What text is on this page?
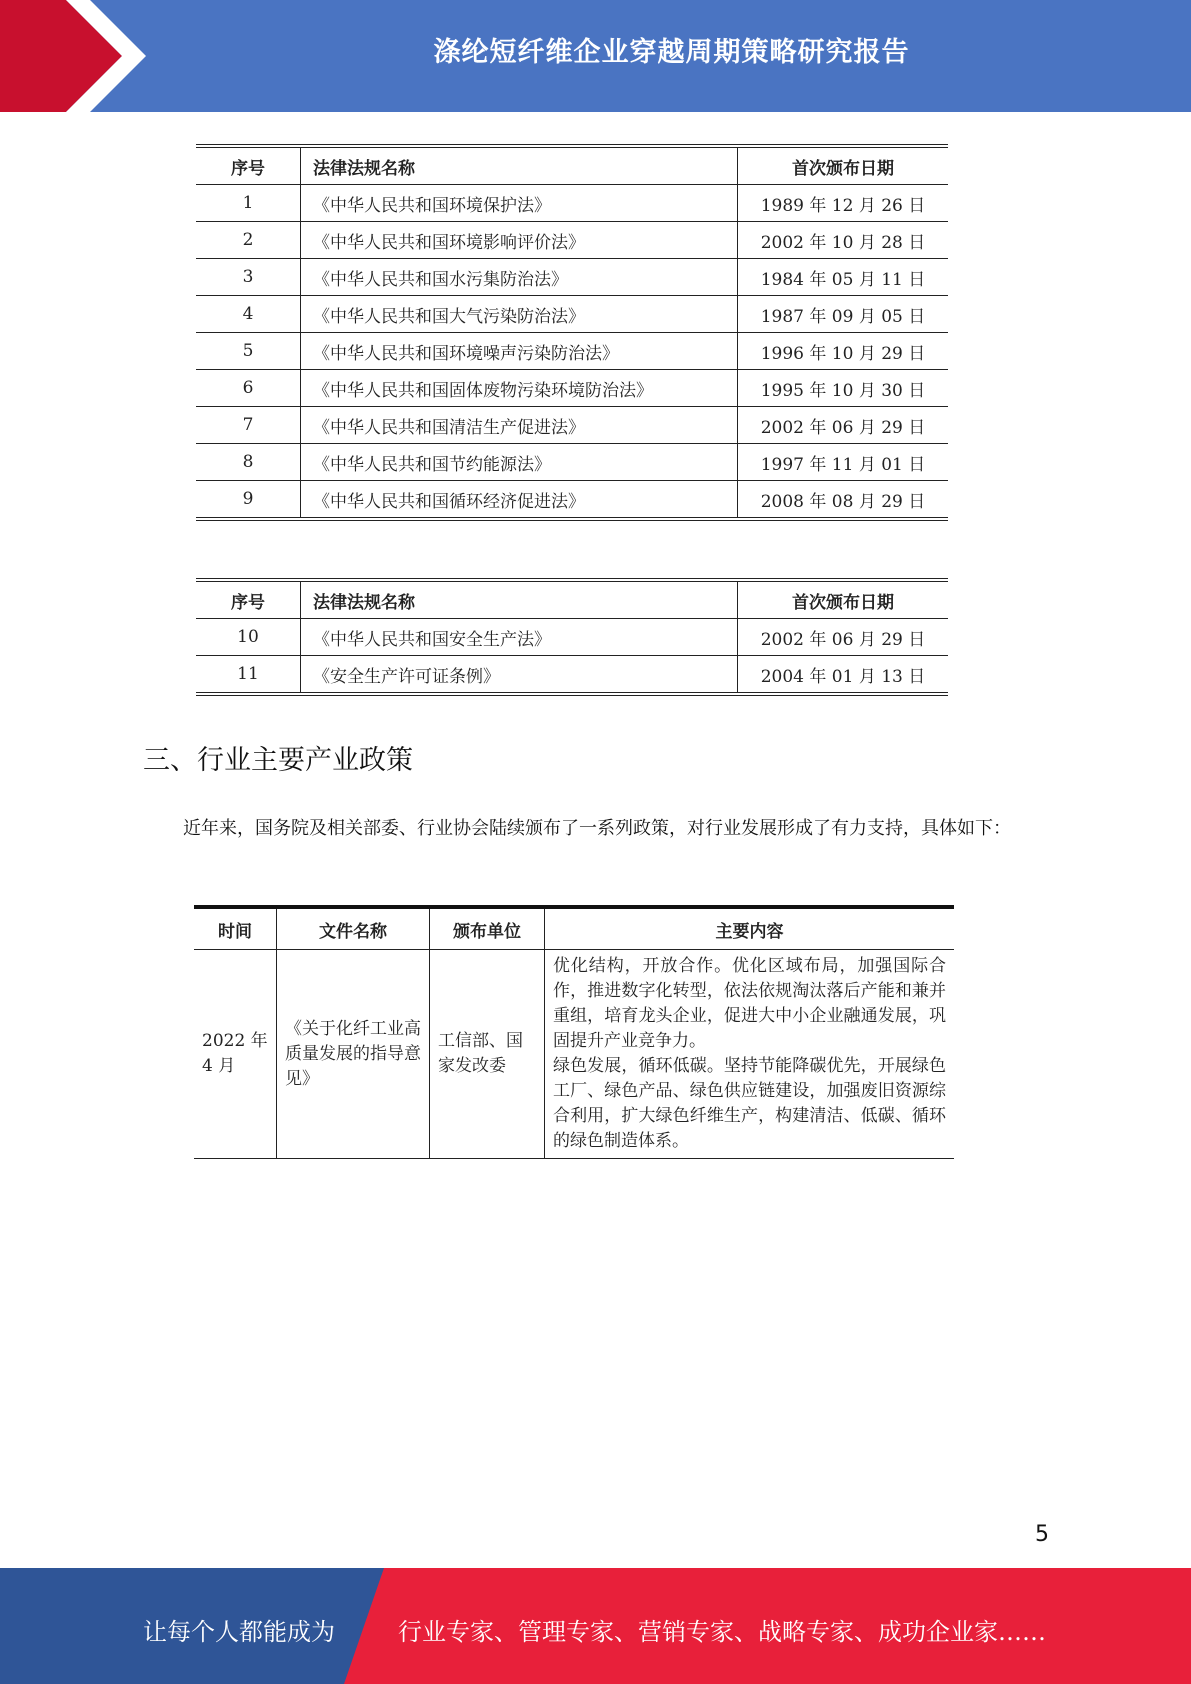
涤纶短纤维企业穿越周期策略研究报告
序号	法律法规名称	首次颁布日期
1	《中华人民共和国环境保护法》	1989 年 12 月 26 日
2	《中华人民共和国环境影响评价法》	2002 年 10 月 28 日
3	《中华人民共和国水污集防治法》	1984 年 05 月 11 日
4	《中华人民共和国大气污染防治法》	1987 年 09 月 05 日
5	《中华人民共和国环境噪声污染防治法》	1996 年 10 月 29 日
6	《中华人民共和国固体废物污染环境防治法》	1995 年 10 月 30 日
7	《中华人民共和国清洁生产促进法》	2002 年 06 月 29 日
8	《中华人民共和国节约能源法》	1997 年 11 月 01 日
9	《中华人民共和国循环经济促进法》	2008 年 08 月 29 日
序号	法律法规名称	首次颁布日期
10	《中华人民共和国安全生产法》	2002 年 06 月 29 日
11	《安全生产许可证条例》	2004 年 01 月 13 日
三、行业主要产业政策

近年来，国务院及相关部委、行业协会陆续颁布了一系列政策，对行业发展形成了有力支持，具体如下：

时间	文件名称	颁布单位	主要内容
2022 年 4 月	《关于化纤工业高质量发展的指导意见》	工信部、国家发改委	优化结构，开放合作。优化区域布局，加强国际合作，推进数字化转型，依法依规淘汰落后产能和兼并重组，培育龙头企业，促进大中小企业融通发展，巩固提升产业竞争力。
绿色发展，循环低碳。坚持节能降碳优先，开展绿色工厂、绿色产品、绿色供应链建设，加强废旧资源综合利用，扩大绿色纤维生产，构建清洁、低碳、循环的绿色制造体系。
5
让每个人都能成为	行业专家、管理专家、营销专家、战略专家、成功企业家……
